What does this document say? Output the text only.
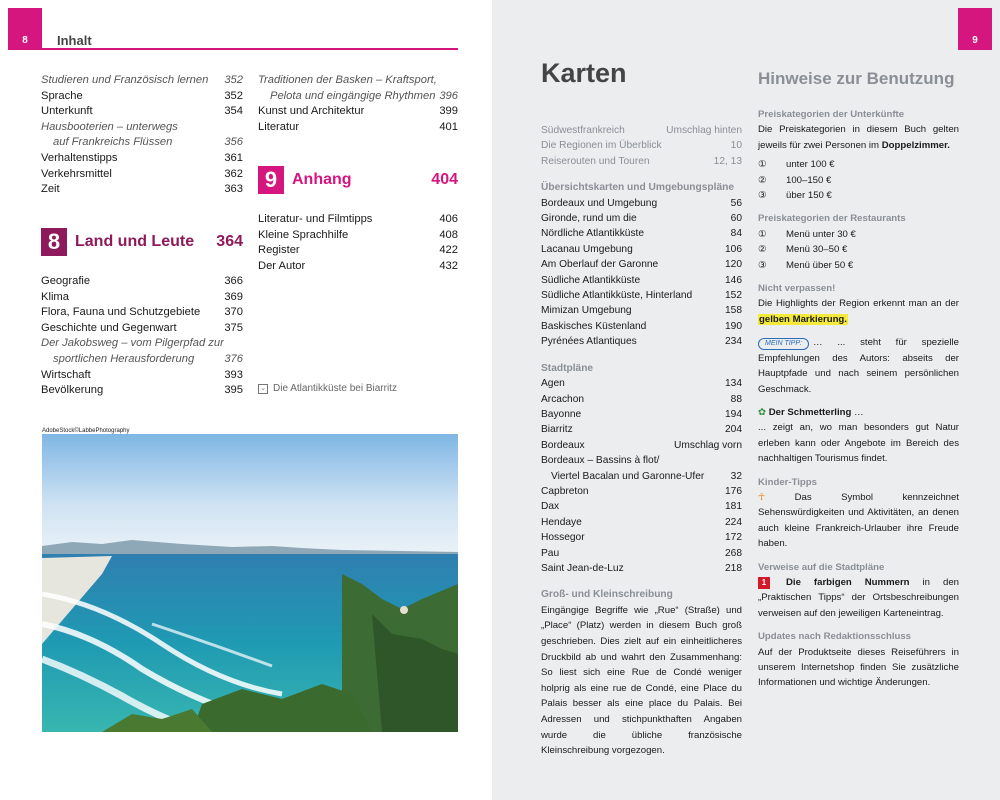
8	9
Inhalt
Studieren und Französisch lernen 352
Sprache	352
Unterkunft	354
Hausbooterien – unterwegs
auf Frankreichs Flüssen	356
Verhaltenstipps	361
Verkehrsmittel	362
Zeit	363
Traditionen der Basken – Kraftsport,
Pelota und eingängige Rhythmen 396
Kunst und Architektur	399
Literatur	401
8 Land und Leute 364
Geografie	366
Klima	369
Flora, Fauna und Schutzgebiete 370
Geschichte und Gegenwart	375
Der Jakobsweg – vom Pilgerpfad zur
sportlichen Herausforderung	376
Wirtschaft	393
Bevölkerung	395
9 Anhang	404
Literatur- und Filmtipps	406
Kleine Sprachhilfe	408
Register	422
Der Autor	432
⌄ Die Atlantikküste bei Biarritz
AdobeStock©LabbePhotography
Karten
Südwestfrankreich	Umschlag hinten
Die Regionen im Überblick	10
Reiserouten und Touren	12, 13
Übersichtskarten und Umgebungspläne
Bordeaux und Umgebung	56
Gironde, rund um die	60
Nördliche Atlantikküste	84
Lacanau Umgebung	106
Am Oberlauf der Garonne	120
Südliche Atlantikküste	146
Südliche Atlantikküste, Hinterland	152
Mimizan Umgebung	158
Baskisches Küstenland	190
Pyrénées Atlantiques	234
Stadtpläne
Agen	134
Arcachon	88
Bayonne	194
Biarritz	204
Bordeaux	Umschlag vorn
Bordeaux – Bassins à flot/
Viertel Bacalan und Garonne-Ufer	32
Capbreton	176
Dax	181
Hendaye	224
Hossegor	172
Pau	268
Saint Jean-de-Luz	218
Groß- und Kleinschreibung
Eingängige Begriffe wie „Rue“ (Straße) und „Place“ (Platz) werden in diesem Buch groß geschrieben. Dies zielt auf ein einheitlicheres Druckbild ab und wahrt den Zusammenhang: So liest sich eine Rue de Condé weniger holprig als eine rue de Condé, eine Place du Palais besser als eine place du Palais. Bei Adressen und stichpunkthaften Angaben wurde die übliche französische Kleinschreibung vorgezogen.
Hinweise zur Benutzung
Preiskategorien der Unterkünfte
Die Preiskategorien in diesem Buch gelten jeweils für zwei Personen im Doppelzimmer.
①	unter 100 €
②	100–150 €
③	über 150 €
Preiskategorien der Restaurants
①	Menü unter 30 €
②	Menü 30–50 €
③	Menü über 50 €
Nicht verpassen!
Die Highlights der Region erkennt man an der gelben Markierung.
MEIN TIPP: … ... steht für spezielle Empfehlungen des Autors: abseits der Hauptpfade und nach seinem persönlichen Geschmack.
✿ Der Schmetterling …
... zeigt an, wo man besonders gut Natur erleben kann oder Angebote im Bereich des nachhaltigen Tourismus findet.
Kinder-Tipps
☥	Das Symbol kennzeichnet Sehenswürdigkeiten und Aktivitäten, an denen auch kleine Frankreich-Urlauber ihre Freude haben.
Verweise auf die Stadtpläne
1 Die farbigen Nummern in den „Praktischen Tipps“ der Ortsbeschreibungen verweisen auf den jeweiligen Karteneintrag.
Updates nach Redaktionsschluss
Auf der Produktseite dieses Reiseführers in unserem Internetshop finden Sie zusätzliche Informationen und wichtige Änderungen.
